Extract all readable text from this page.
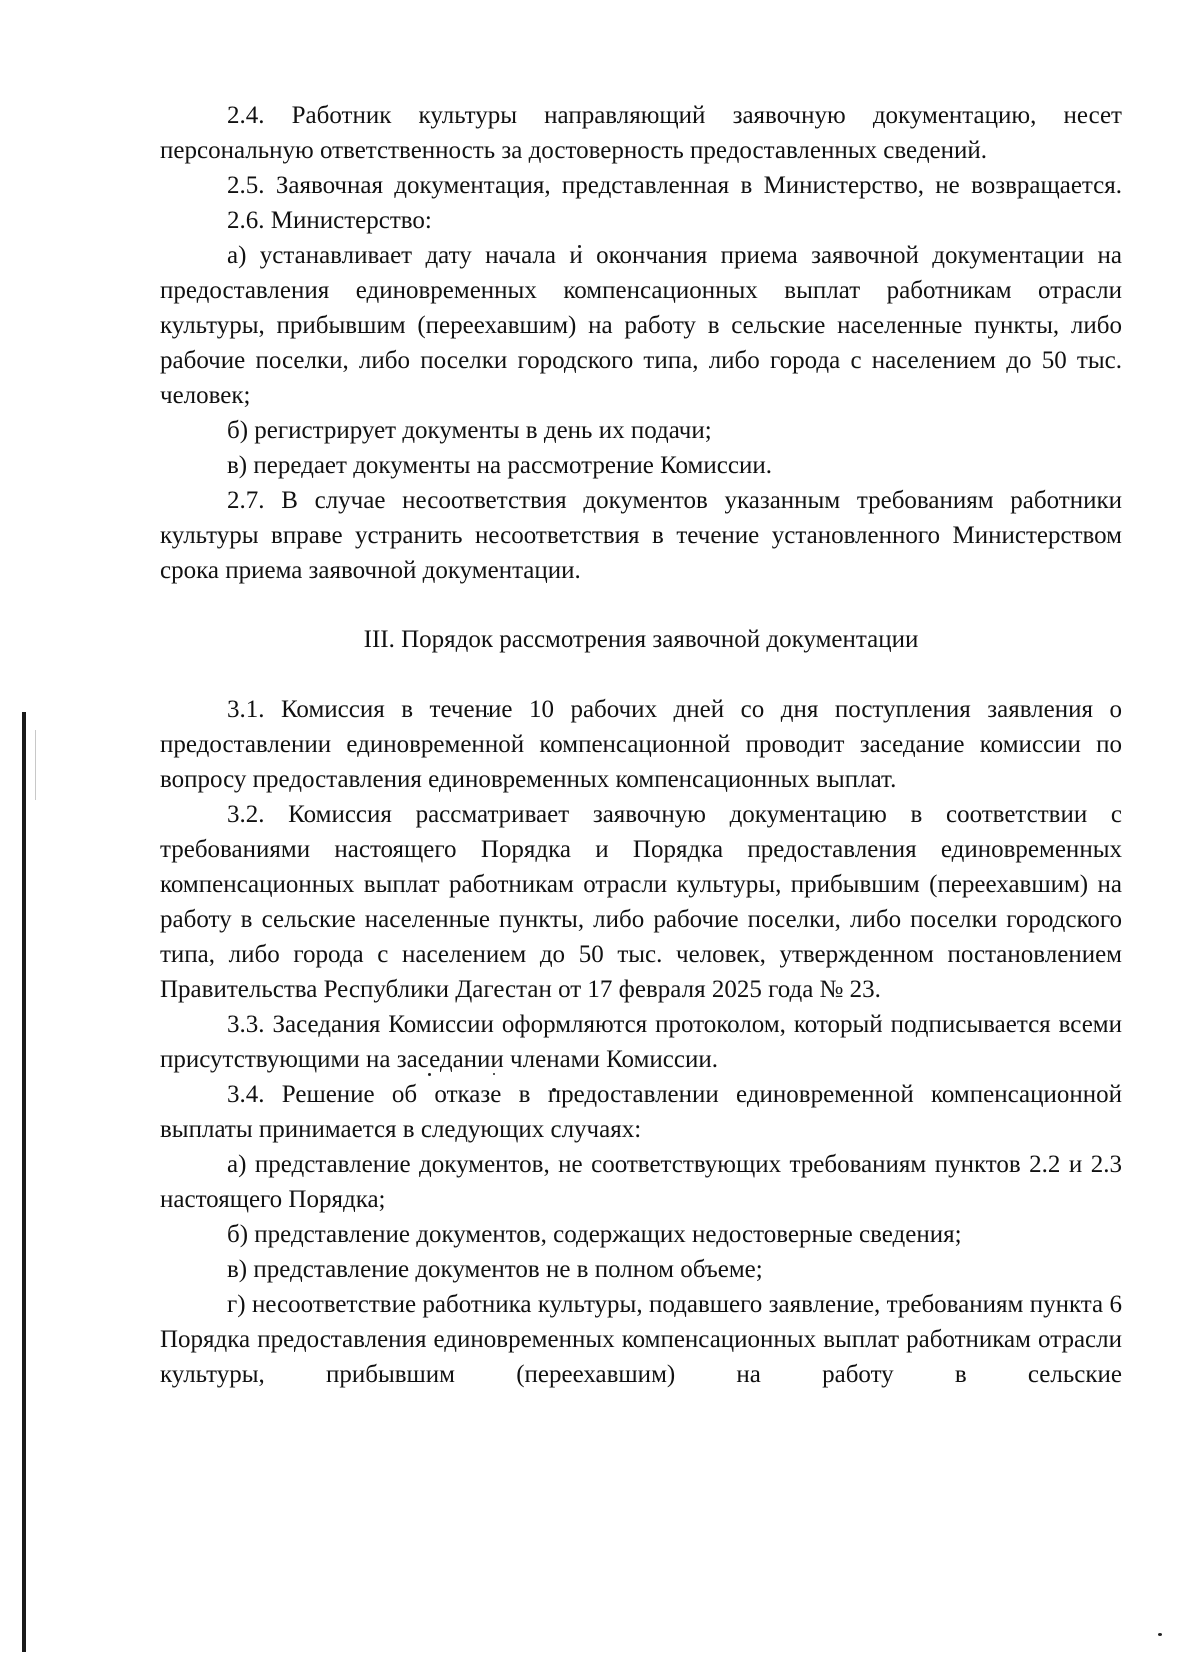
2.4. Работник культуры направляющий заявочную документацию, несет персональную ответственность за достоверность предоставленных сведений.

2.5. Заявочная документация, представленная в Министерство, не возвращается.

2.6. Министерство:

а) устанавливает дату начала и окончания приема заявочной документации на предоставления единовременных компенсационных выплат работникам отрасли культуры, прибывшим (переехавшим) на работу в сельские населенные пункты, либо рабочие поселки, либо поселки городского типа, либо города с населением до 50 тыс. человек;

б) регистрирует документы в день их подачи;

в) передает документы на рассмотрение Комиссии.

2.7. В случае несоответствия документов указанным требованиям работники культуры вправе устранить несоответствия в течение установленного Министерством срока приема заявочной документации.

III. Порядок рассмотрения заявочной документации

3.1. Комиссия в течение 10 рабочих дней со дня поступления заявления о предоставлении единовременной компенсационной проводит заседание комиссии по вопросу предоставления единовременных компенсационных выплат.

3.2. Комиссия рассматривает заявочную документацию в соответствии с требованиями настоящего Порядка и Порядка предоставления единовременных компенсационных выплат работникам отрасли культуры, прибывшим (переехавшим) на работу в сельские населенные пункты, либо рабочие поселки, либо поселки городского типа, либо города с населением до 50 тыс. человек, утвержденном постановлением Правительства Республики Дагестан от 17 февраля 2025 года № 23.

3.3. Заседания Комиссии оформляются протоколом, который подписывается всеми присутствующими на заседании членами Комиссии.

3.4. Решение об отказе в предоставлении единовременной компенсационной выплаты принимается в следующих случаях:

а) представление документов, не соответствующих требованиям пунктов 2.2 и 2.3 настоящего Порядка;

б) представление документов, содержащих недостоверные сведения;

в) представление документов не в полном объеме;

г) несоответствие работника культуры, подавшего заявление, требованиям пункта 6 Порядка предоставления единовременных компенсационных выплат работникам отрасли культуры, прибывшим (переехавшим) на работу в сельские
